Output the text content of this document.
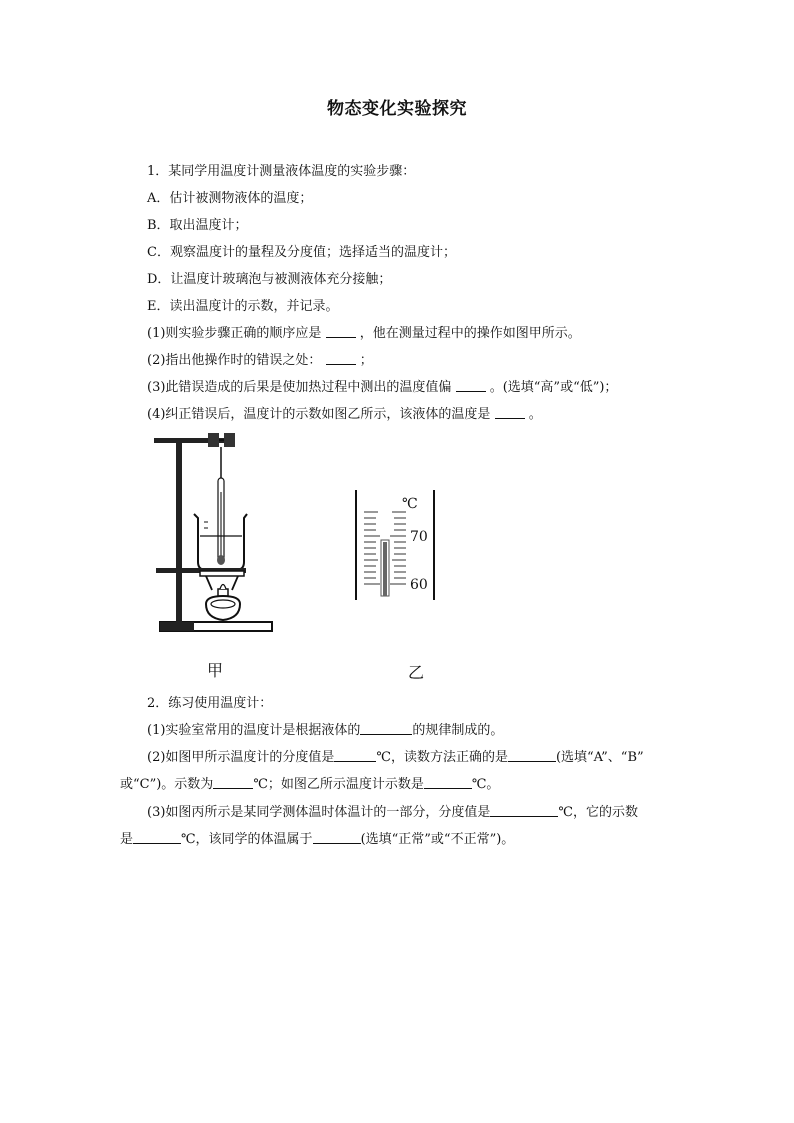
物态变化实验探究
1．某同学用温度计测量液体温度的实验步骤：
A．估计被测物液体的温度；
B．取出温度计；
C．观察温度计的量程及分度值；选择适当的温度计；
D．让温度计玻璃泡与被测液体充分接触；
E．读出温度计的示数，并记录。
(1)则实验步骤正确的顺序应是	，他在测量过程中的操作如图甲所示。
(2)指出他操作时的错误之处：	；
(3)此错误造成的后果是使加热过程中测出的温度值偏	。(选填“高”或“低”)；
(4)纠正错误后，温度计的示数如图乙所示，该液体的温度是	。
甲
℃
70
60
乙
2．练习使用温度计：
(1)实验室常用的温度计是根据液体的	的规律制成的。
(2)如图甲所示温度计的分度值是	℃，读数方法正确的是	(选填“A”、“B”
或“C”)。示数为	℃；如图乙所示温度计示数是	℃。
(3)如图丙所示是某同学测体温时体温计的一部分，分度值是	℃，它的示数
是	℃，该同学的体温属于	(选填“正常”或“不正常”)。
